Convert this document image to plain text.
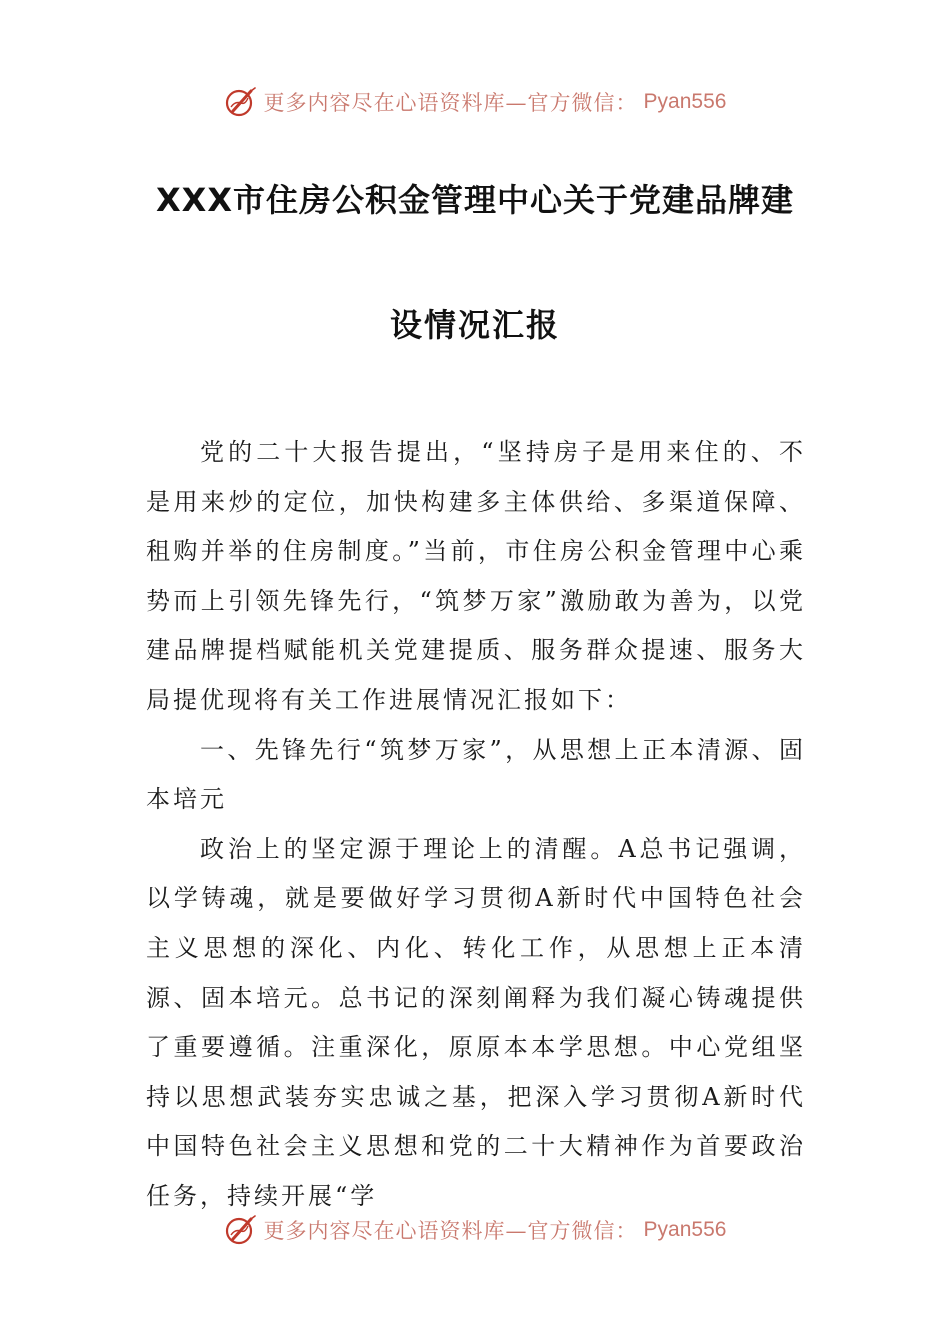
更多内容尽在心语资料库—官方微信： Pyan556
XXX市住房公积金管理中心关于党建品牌建
设情况汇报

党的二十大报告提出，“坚持房子是用来住的、不是用来炒的定位，加快构建多主体供给、多渠道保障、租购并举的住房制度。”当前，市住房公积金管理中心乘势而上引领先锋先行，“筑梦万家”激励敢为善为，以党建品牌提档赋能机关党建提质、服务群众提速、服务大局提优现将有关工作进展情况汇报如下：

一、先锋先行“筑梦万家”，从思想上正本清源、固本培元

政治上的坚定源于理论上的清醒。A总书记强调，以学铸魂，就是要做好学习贯彻A新时代中国特色社会主义思想的深化、内化、转化工作，从思想上正本清源、固本培元。总书记的深刻阐释为我们凝心铸魂提供了重要遵循。注重深化，原原本本学思想。中心党组坚持以思想武装夯实忠诚之基，把深入学习贯彻A新时代中国特色社会主义思想和党的二十大精神作为首要政治任务，持续开展“学

更多内容尽在心语资料库—官方微信： Pyan556
